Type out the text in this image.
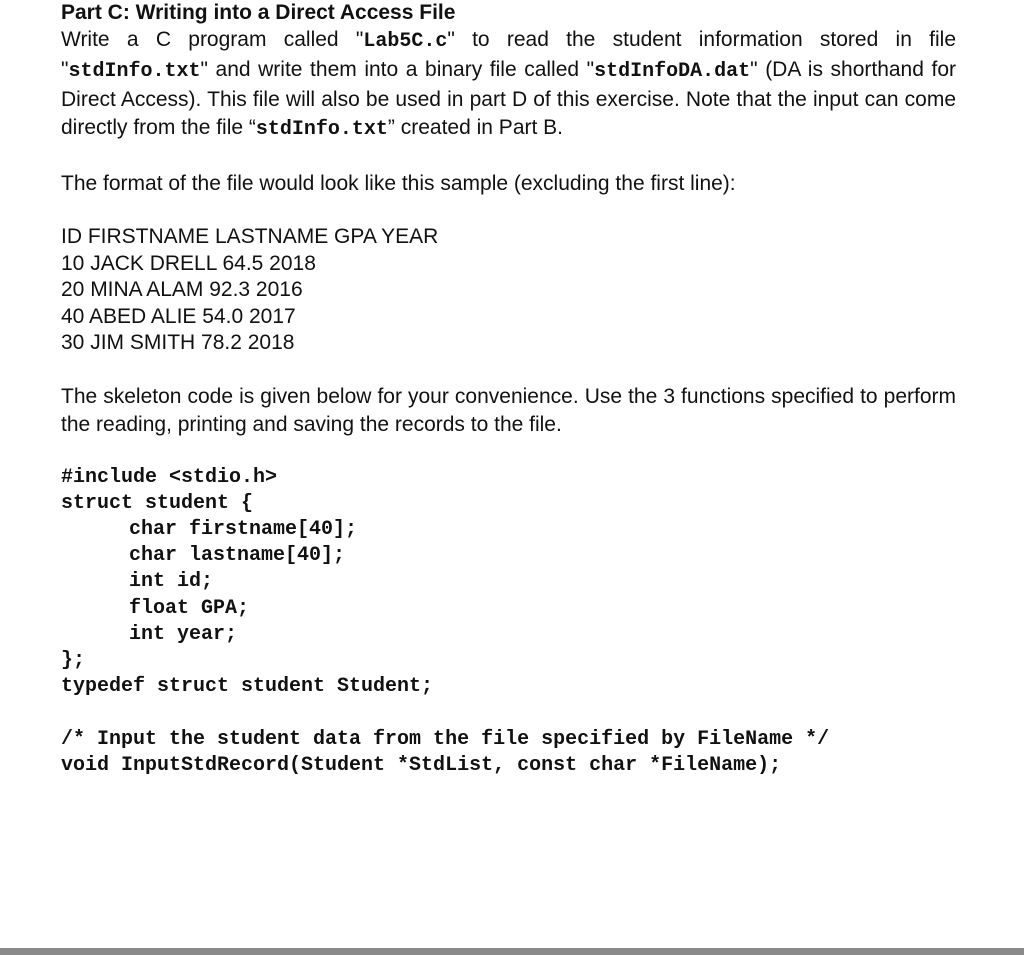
Part C: Writing into a Direct Access File

Write a C program called "Lab5C.c" to read the student information stored in file "stdInfo.txt" and write them into a binary file called "stdInfoDA.dat" (DA is shorthand for Direct Access). This file will also be used in part D of this exercise. Note that the input can come directly from the file “stdInfo.txt” created in Part B.

The format of the file would look like this sample (excluding the first line):

ID FIRSTNAME LASTNAME GPA YEAR

10 JACK DRELL 64.5 2018

20 MINA ALAM 92.3 2016

40 ABED ALIE 54.0 2017

30 JIM SMITH 78.2 2018

The skeleton code is given below for your convenience. Use the 3 functions specified to perform the reading, printing and saving the records to the file.

#include <stdio.h>

struct student {

char firstname[40];

char lastname[40];

int id;

float GPA;

int year;

};

typedef struct student Student;

/* Input the student data from the file specified by FileName */

void InputStdRecord(Student *StdList, const char *FileName);
